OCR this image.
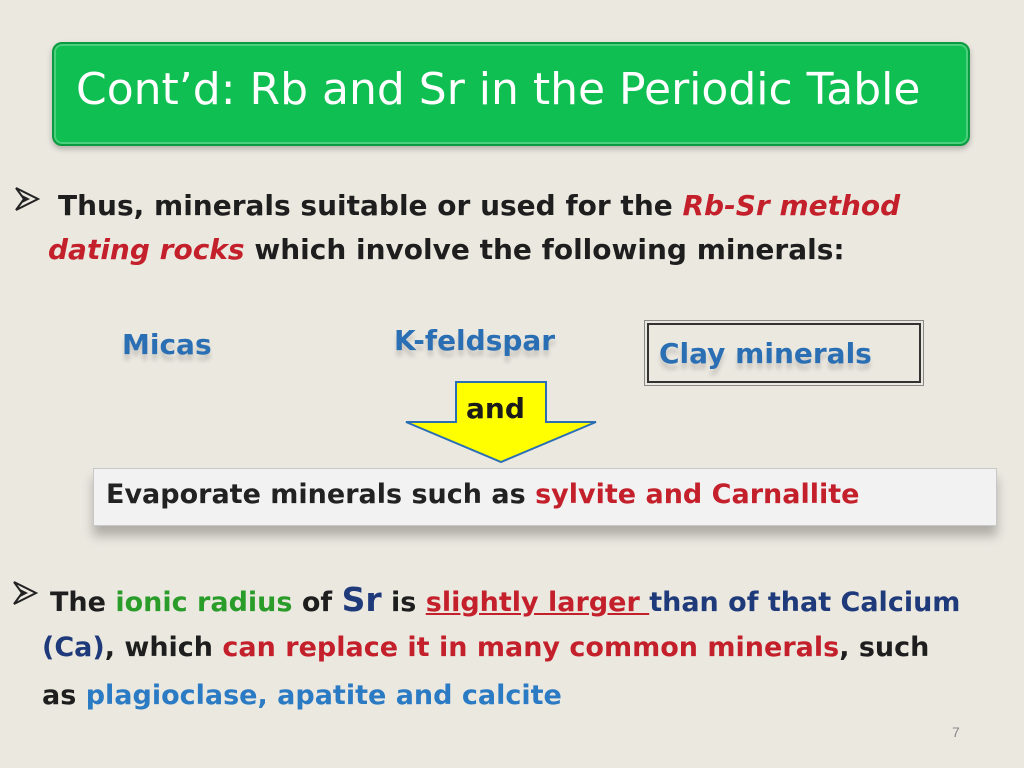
Cont’d: Rb and Sr in the Periodic Table
Thus, minerals suitable or used for the Rb-Sr method
dating rocks which involve the following minerals:
Micas	K-feldspar	Clay minerals
and
Evaporate minerals such as sylvite and Carnallite
The ionic radius of Sr is slightly larger than of that Calcium
(Ca), which can replace it in many common minerals, such
as plagioclase, apatite and calcite
7
